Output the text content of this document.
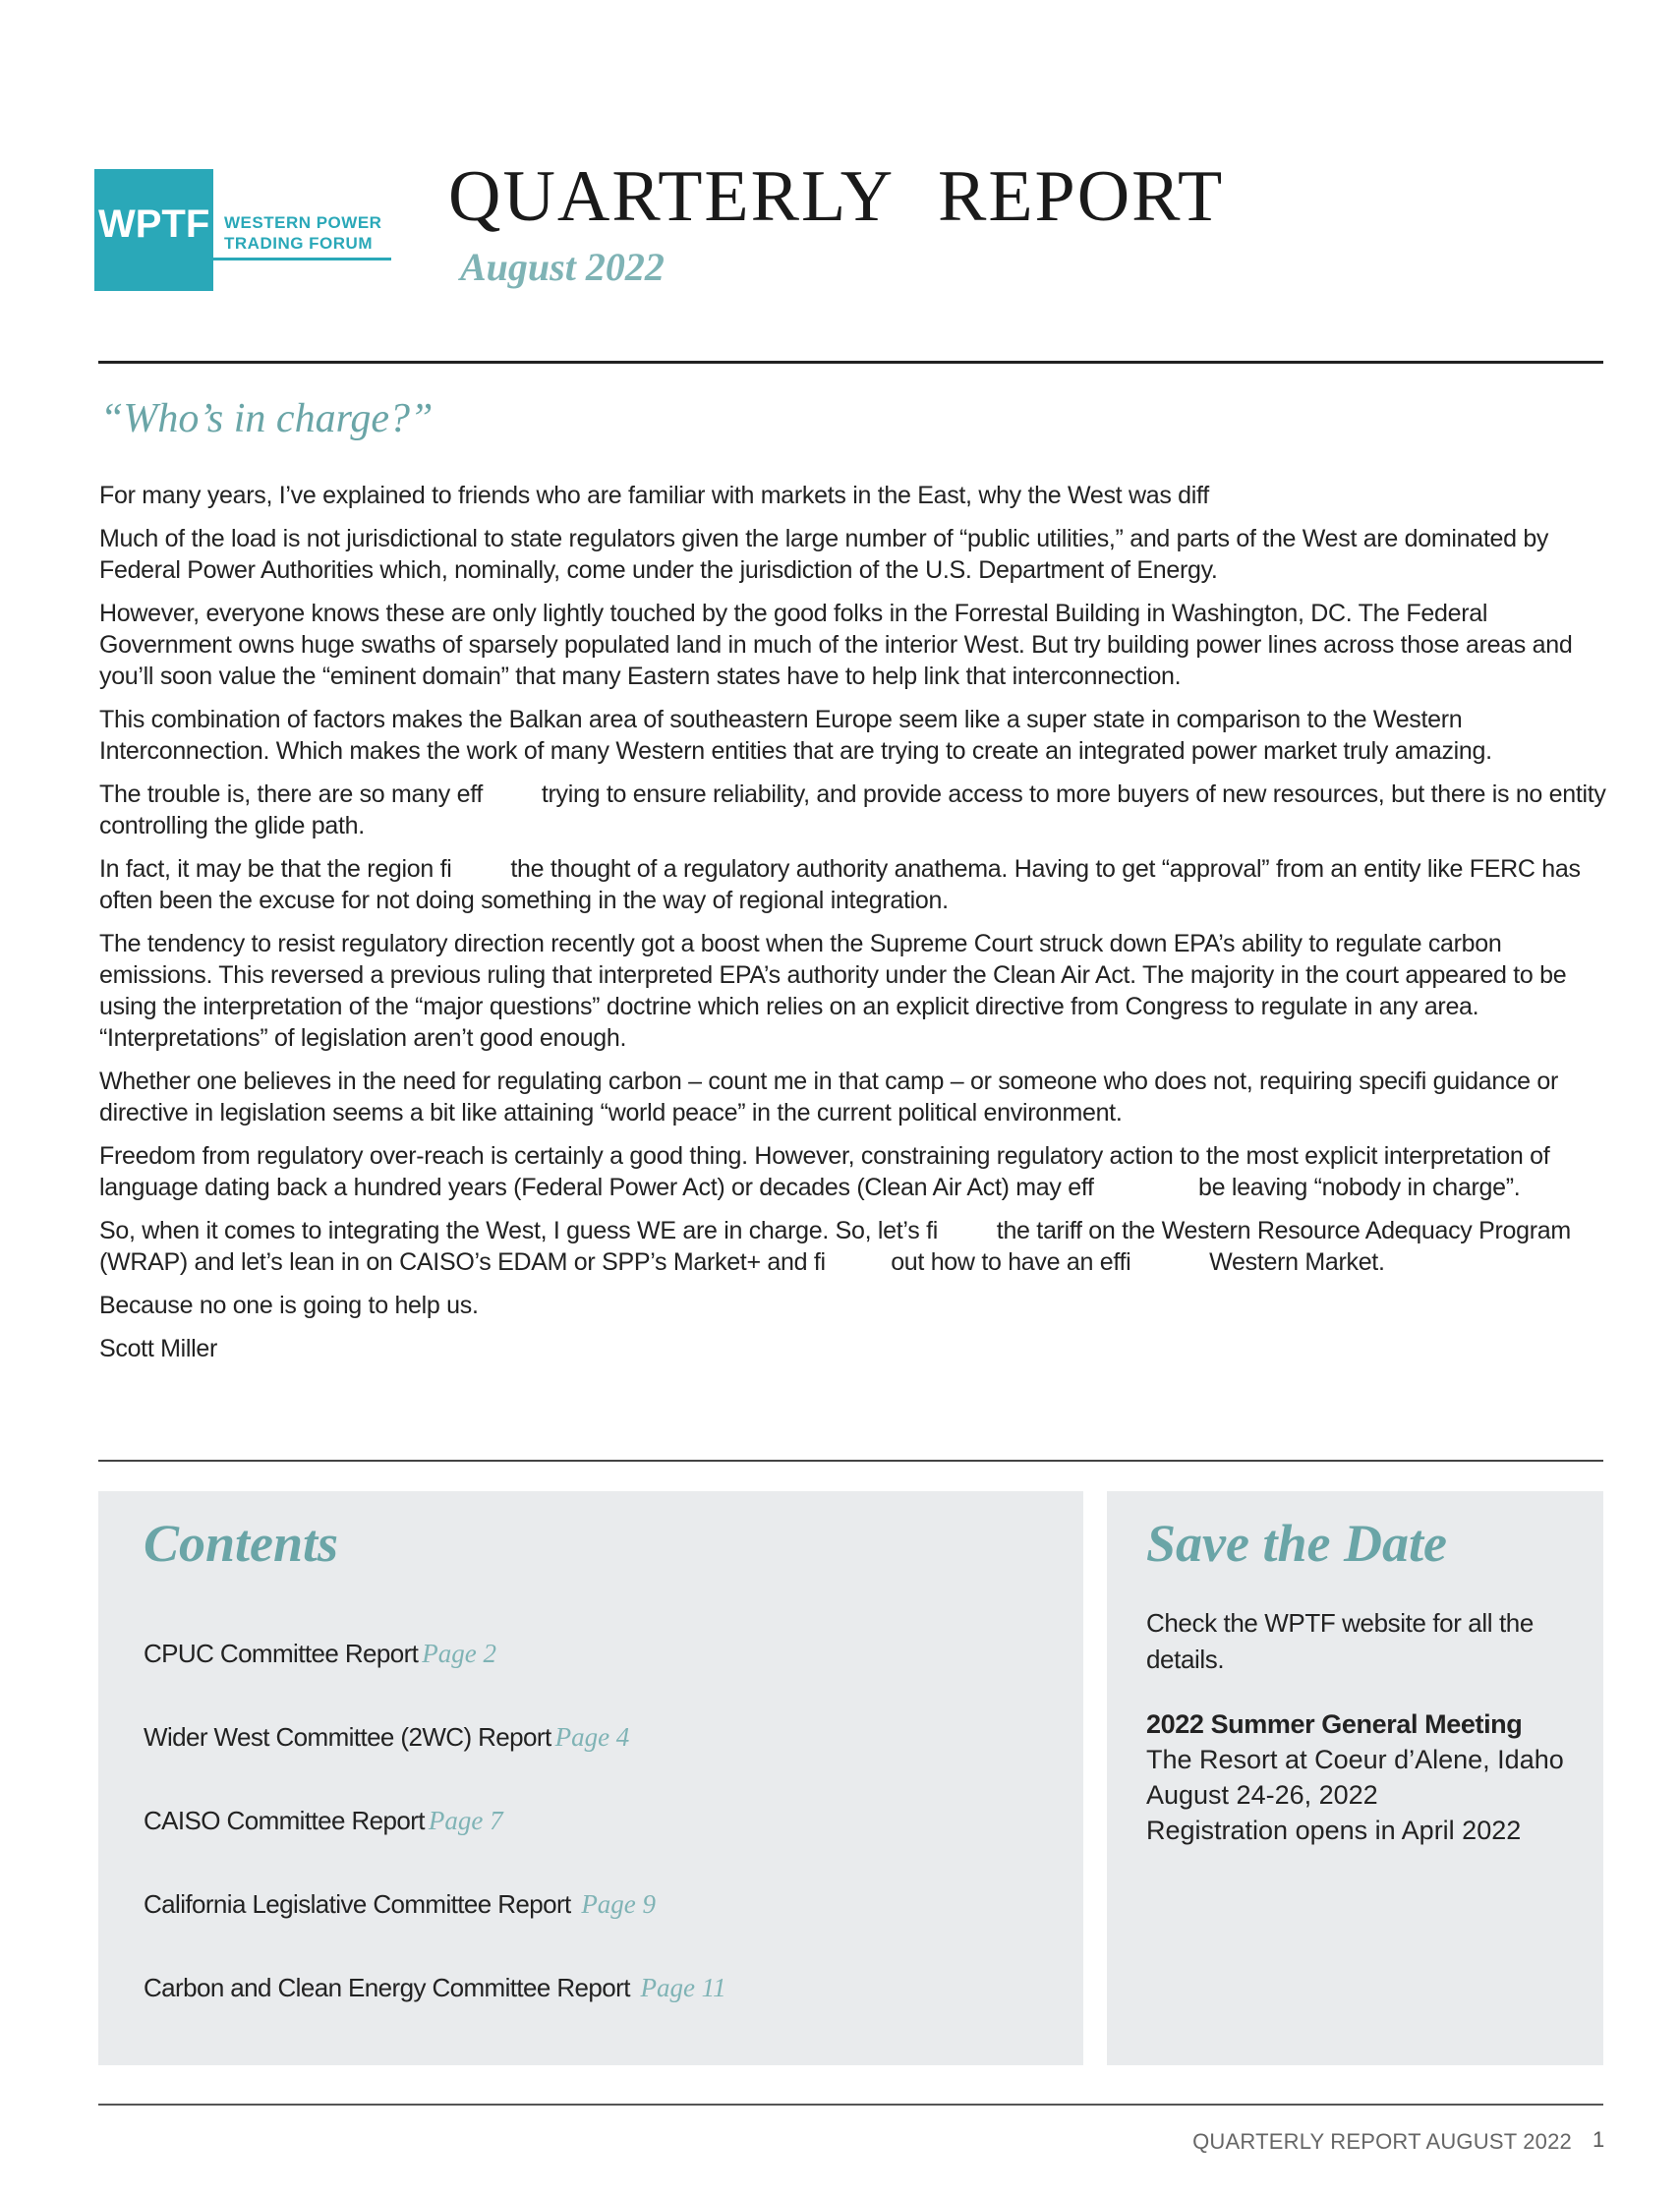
WPTF WESTERN POWER
TRADING FORUM
QUARTERLY REPORT
August 2022
“Who’s in charge?”

For many years, I’ve explained to friends who are familiar with markets in the East, why the West was diff

Much of the load is not jurisdictional to state regulators given the large number of “public utilities,” and parts of the West are dominated by Federal Power Authorities which, nominally, come under the jurisdiction of the U.S. Department of Energy.

However, everyone knows these are only lightly touched by the good folks in the Forrestal Building in Washington, DC. The Federal Government owns huge swaths of sparsely populated land in much of the interior West. But try building power lines across those areas and you’ll soon value the “eminent domain” that many Eastern states have to help link that interconnection.

This combination of factors makes the Balkan area of southeastern Europe seem like a super state in comparison to the Western Interconnection. Which makes the work of many Western entities that are trying to create an integrated power market truly amazing.

The trouble is, there are so many eff         trying to ensure reliability, and provide access to more buyers of new resources, but there is no entity controlling the glide path.

In fact, it may be that the region fi         the thought of a regulatory authority anathema. Having to get “approval” from an entity like FERC has often been the excuse for not doing something in the way of regional integration.

The tendency to resist regulatory direction recently got a boost when the Supreme Court struck down EPA’s ability to regulate carbon emissions. This reversed a previous ruling that interpreted EPA’s authority under the Clean Air Act. The majority in the court appeared to be using the interpretation of the “major questions” doctrine which relies on an explicit directive from Congress to regulate in any area. “Interpretations” of legislation aren’t good enough.

Whether one believes in the need for regulating carbon – count me in that camp – or someone who does not, requiring specifi guidance or directive in legislation seems a bit like attaining “world peace” in the current political environment.

Freedom from regulatory over-reach is certainly a good thing. However, constraining regulatory action to the most explicit interpretation of language dating back a hundred years (Federal Power Act) or decades (Clean Air Act) may eff                be leaving “nobody in charge”.

So, when it comes to integrating the West, I guess WE are in charge. So, let’s fi         the tariff on the Western Resource Adequacy Program (WRAP) and let’s lean in on CAISO’s EDAM or SPP’s Market+ and fi          out how to have an effi            Western Market.

Because no one is going to help us.

Scott Miller

Contents
CPUC Committee Report Page 2
Wider West Committee (2WC) Report Page 4
CAISO Committee Report Page 7
California Legislative Committee Report Page 9
Carbon and Clean Energy Committee Report Page 11
Save the Date
Check the WPTF website for all the details.
2022 Summer General Meeting
The Resort at Coeur d’Alene, Idaho
August 24-26, 2022
Registration opens in April 2022
QUARTERLY REPORT AUGUST 2022 1
